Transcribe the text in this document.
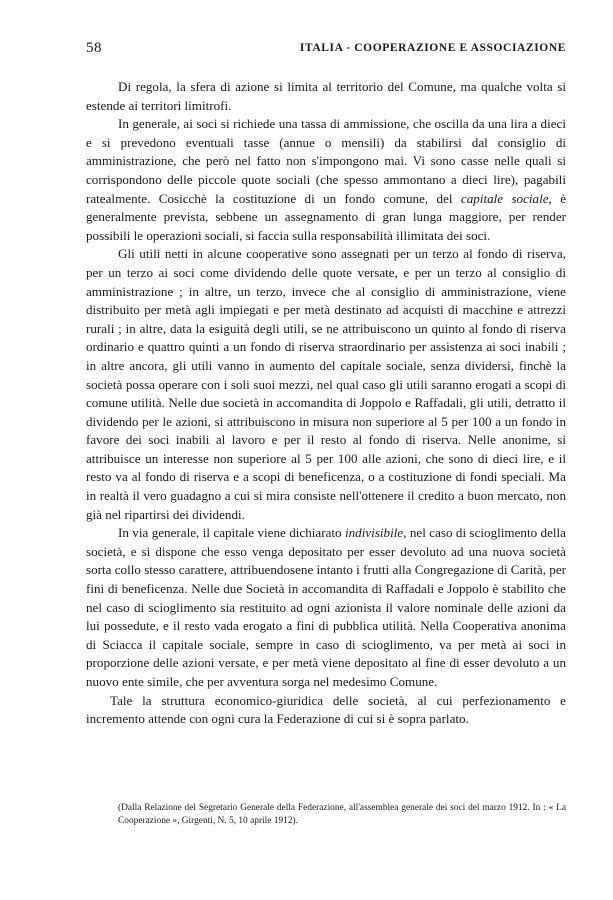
58	ITALIA - COOPERAZIONE E ASSOCIAZIONE

Di regola, la sfera di azione si limita al territorio del Comune, ma qualche volta si estende ai territori limitrofi.

In generale, ai soci si richiede una tassa di ammissione, che oscilla da una lira a dieci e si prevedono eventuali tasse (annue o mensili) da stabilirsi dal consiglio di amministrazione, che però nel fatto non s'impongono mai. Vi sono casse nelle quali si corrispondono delle piccole quote sociali (che spesso ammontano a dieci lire), pagabili ratealmente. Cosicchè la costituzione di un fondo comune, del capitale sociale, è generalmente prevista, sebbene un assegnamento di gran lunga maggiore, per render possibili le operazioni sociali, si faccia sulla responsabilità illimitata dei soci.

Gli utili netti in alcune cooperative sono assegnati per un terzo al fondo di riserva, per un terzo ai soci come dividendo delle quote versate, e per un terzo al consiglio di amministrazione ; in altre, un terzo, invece che al consiglio di amministrazione, viene distribuito per metà agli impiegati e per metà destinato ad acquisti di macchine e attrezzi rurali ; in altre, data la esiguità degli utili, se ne attribuiscono un quinto al fondo di riserva ordinario e quattro quinti a un fondo di riserva straordinario per assistenza ai soci inabili ; in altre ancora, gli utili vanno in aumento del capitale sociale, senza dividersi, finchè la società possa operare con i soli suoi mezzi, nel qual caso gli utili saranno erogati a scopi di comune utilità. Nelle due società in accomandita di Joppolo e Raffadali, gli utili, detratto il dividendo per le azioni, si attribuiscono in misura non superiore al 5 per 100 a un fondo in favore dei soci inabili al lavoro e per il resto al fondo di riserva. Nelle anonime, si attribuisce un interesse non superiore al 5 per 100 alle azioni, che sono di dieci lire, e il resto va al fondo di riserva e a scopi di beneficenza, o a costituzione di fondi speciali. Ma in realtà il vero guadagno a cui si mira consiste nell'ottenere il credito a buon mercato, non già nel ripartirsi dei dividendi.

In via generale, il capitale viene dichiarato indivisibile, nel caso di scioglimento della società, e si dispone che esso venga depositato per esser devoluto ad una nuova società sorta collo stesso carattere, attribuendosene intanto i frutti alla Congregazione di Carità, per fini di beneficenza. Nelle due Società in accomandita di Raffadali e Joppolo è stabilito che nel caso di scioglimento sia restituito ad ogni azionista il valore nominale delle azioni da lui possedute, e il resto vada erogato a fini di pubblica utilità. Nella Cooperativa anonima di Sciacca il capitale sociale, sempre in caso di scioglimento, va per metà ai soci in proporzione delle azioni versate, e per metà viene depositato al fine di esser devoluto a un nuovo ente simile, che per avventura sorga nel medesimo Comune.

Tale la struttura economico-giuridica delle società, al cui perfezionamento e incremento attende con ogni cura la Federazione di cui si è sopra parlato.

(Dalla Relazione del Segretario Generale della Federazione, all'assemblea generale dei soci del marzo 1912. In : « La Cooperazione », Girgenti, N. 5, 10 aprile 1912).
